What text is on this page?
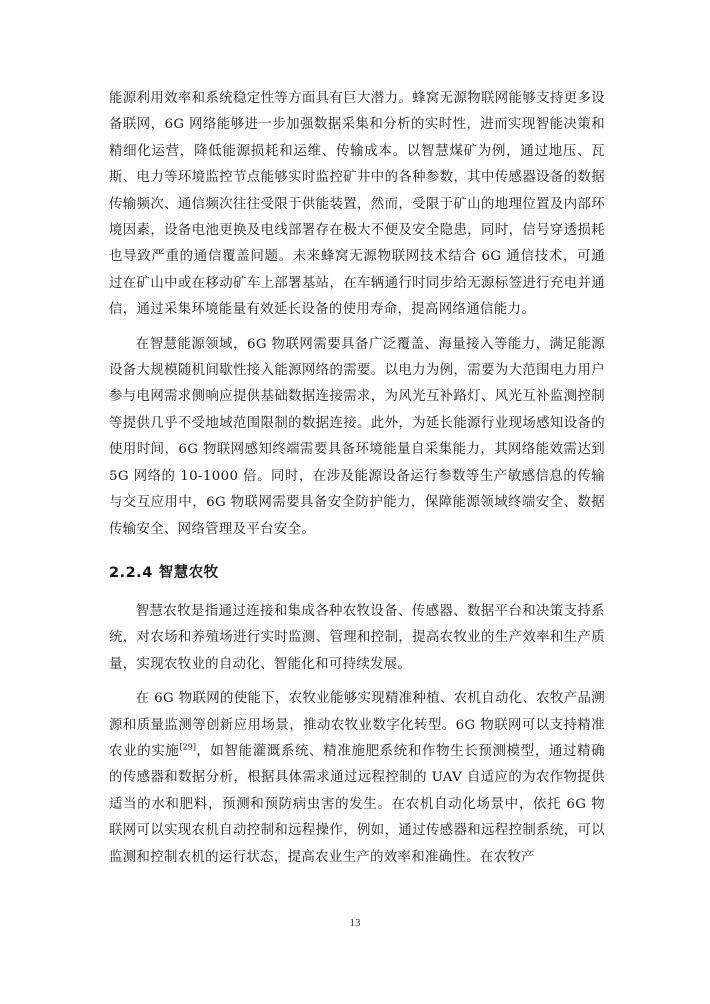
能源利用效率和系统稳定性等方面具有巨大潜力。蜂窝无源物联网能够支持更多设备联网，6G 网络能够进一步加强数据采集和分析的实时性，进而实现智能决策和精细化运营，降低能源损耗和运维、传输成本。以智慧煤矿为例，通过地压、瓦斯、电力等环境监控节点能够实时监控矿井中的各种参数，其中传感器设备的数据传输频次、通信频次往往受限于供能装置，然而，受限于矿山的地理位置及内部环境因素，设备电池更换及电线部署存在极大不便及安全隐患，同时，信号穿透损耗也导致严重的通信覆盖问题。未来蜂窝无源物联网技术结合 6G 通信技术，可通过在矿山中或在移动矿车上部署基站，在车辆通行时同步给无源标签进行充电并通信，通过采集环境能量有效延长设备的使用寿命，提高网络通信能力。

在智慧能源领域，6G 物联网需要具备广泛覆盖、海量接入等能力，满足能源设备大规模随机间歇性接入能源网络的需要。以电力为例，需要为大范围电力用户参与电网需求侧响应提供基础数据连接需求，为风光互补路灯、风光互补监测控制等提供几乎不受地域范围限制的数据连接。此外，为延长能源行业现场感知设备的使用时间，6G 物联网感知终端需要具备环境能量自采集能力，其网络能效需达到 5G 网络的 10-1000 倍。同时，在涉及能源设备运行参数等生产敏感信息的传输与交互应用中，6G 物联网需要具备安全防护能力，保障能源领域终端安全、数据传输安全、网络管理及平台安全。

2.2.4 智慧农牧

智慧农牧是指通过连接和集成各种农牧设备、传感器、数据平台和决策支持系统，对农场和养殖场进行实时监测、管理和控制，提高农牧业的生产效率和生产质量，实现农牧业的自动化、智能化和可持续发展。

在 6G 物联网的使能下，农牧业能够实现精准种植、农机自动化、农牧产品溯源和质量监测等创新应用场景，推动农牧业数字化转型。6G 物联网可以支持精准农业的实施[29]，如智能灌溉系统、精准施肥系统和作物生长预测模型，通过精确的传感器和数据分析，根据具体需求通过远程控制的 UAV 自适应的为农作物提供适当的水和肥料，预测和预防病虫害的发生。在农机自动化场景中，依托 6G 物联网可以实现农机自动控制和远程操作，例如，通过传感器和远程控制系统，可以监测和控制农机的运行状态，提高农业生产的效率和准确性。在农牧产

13
